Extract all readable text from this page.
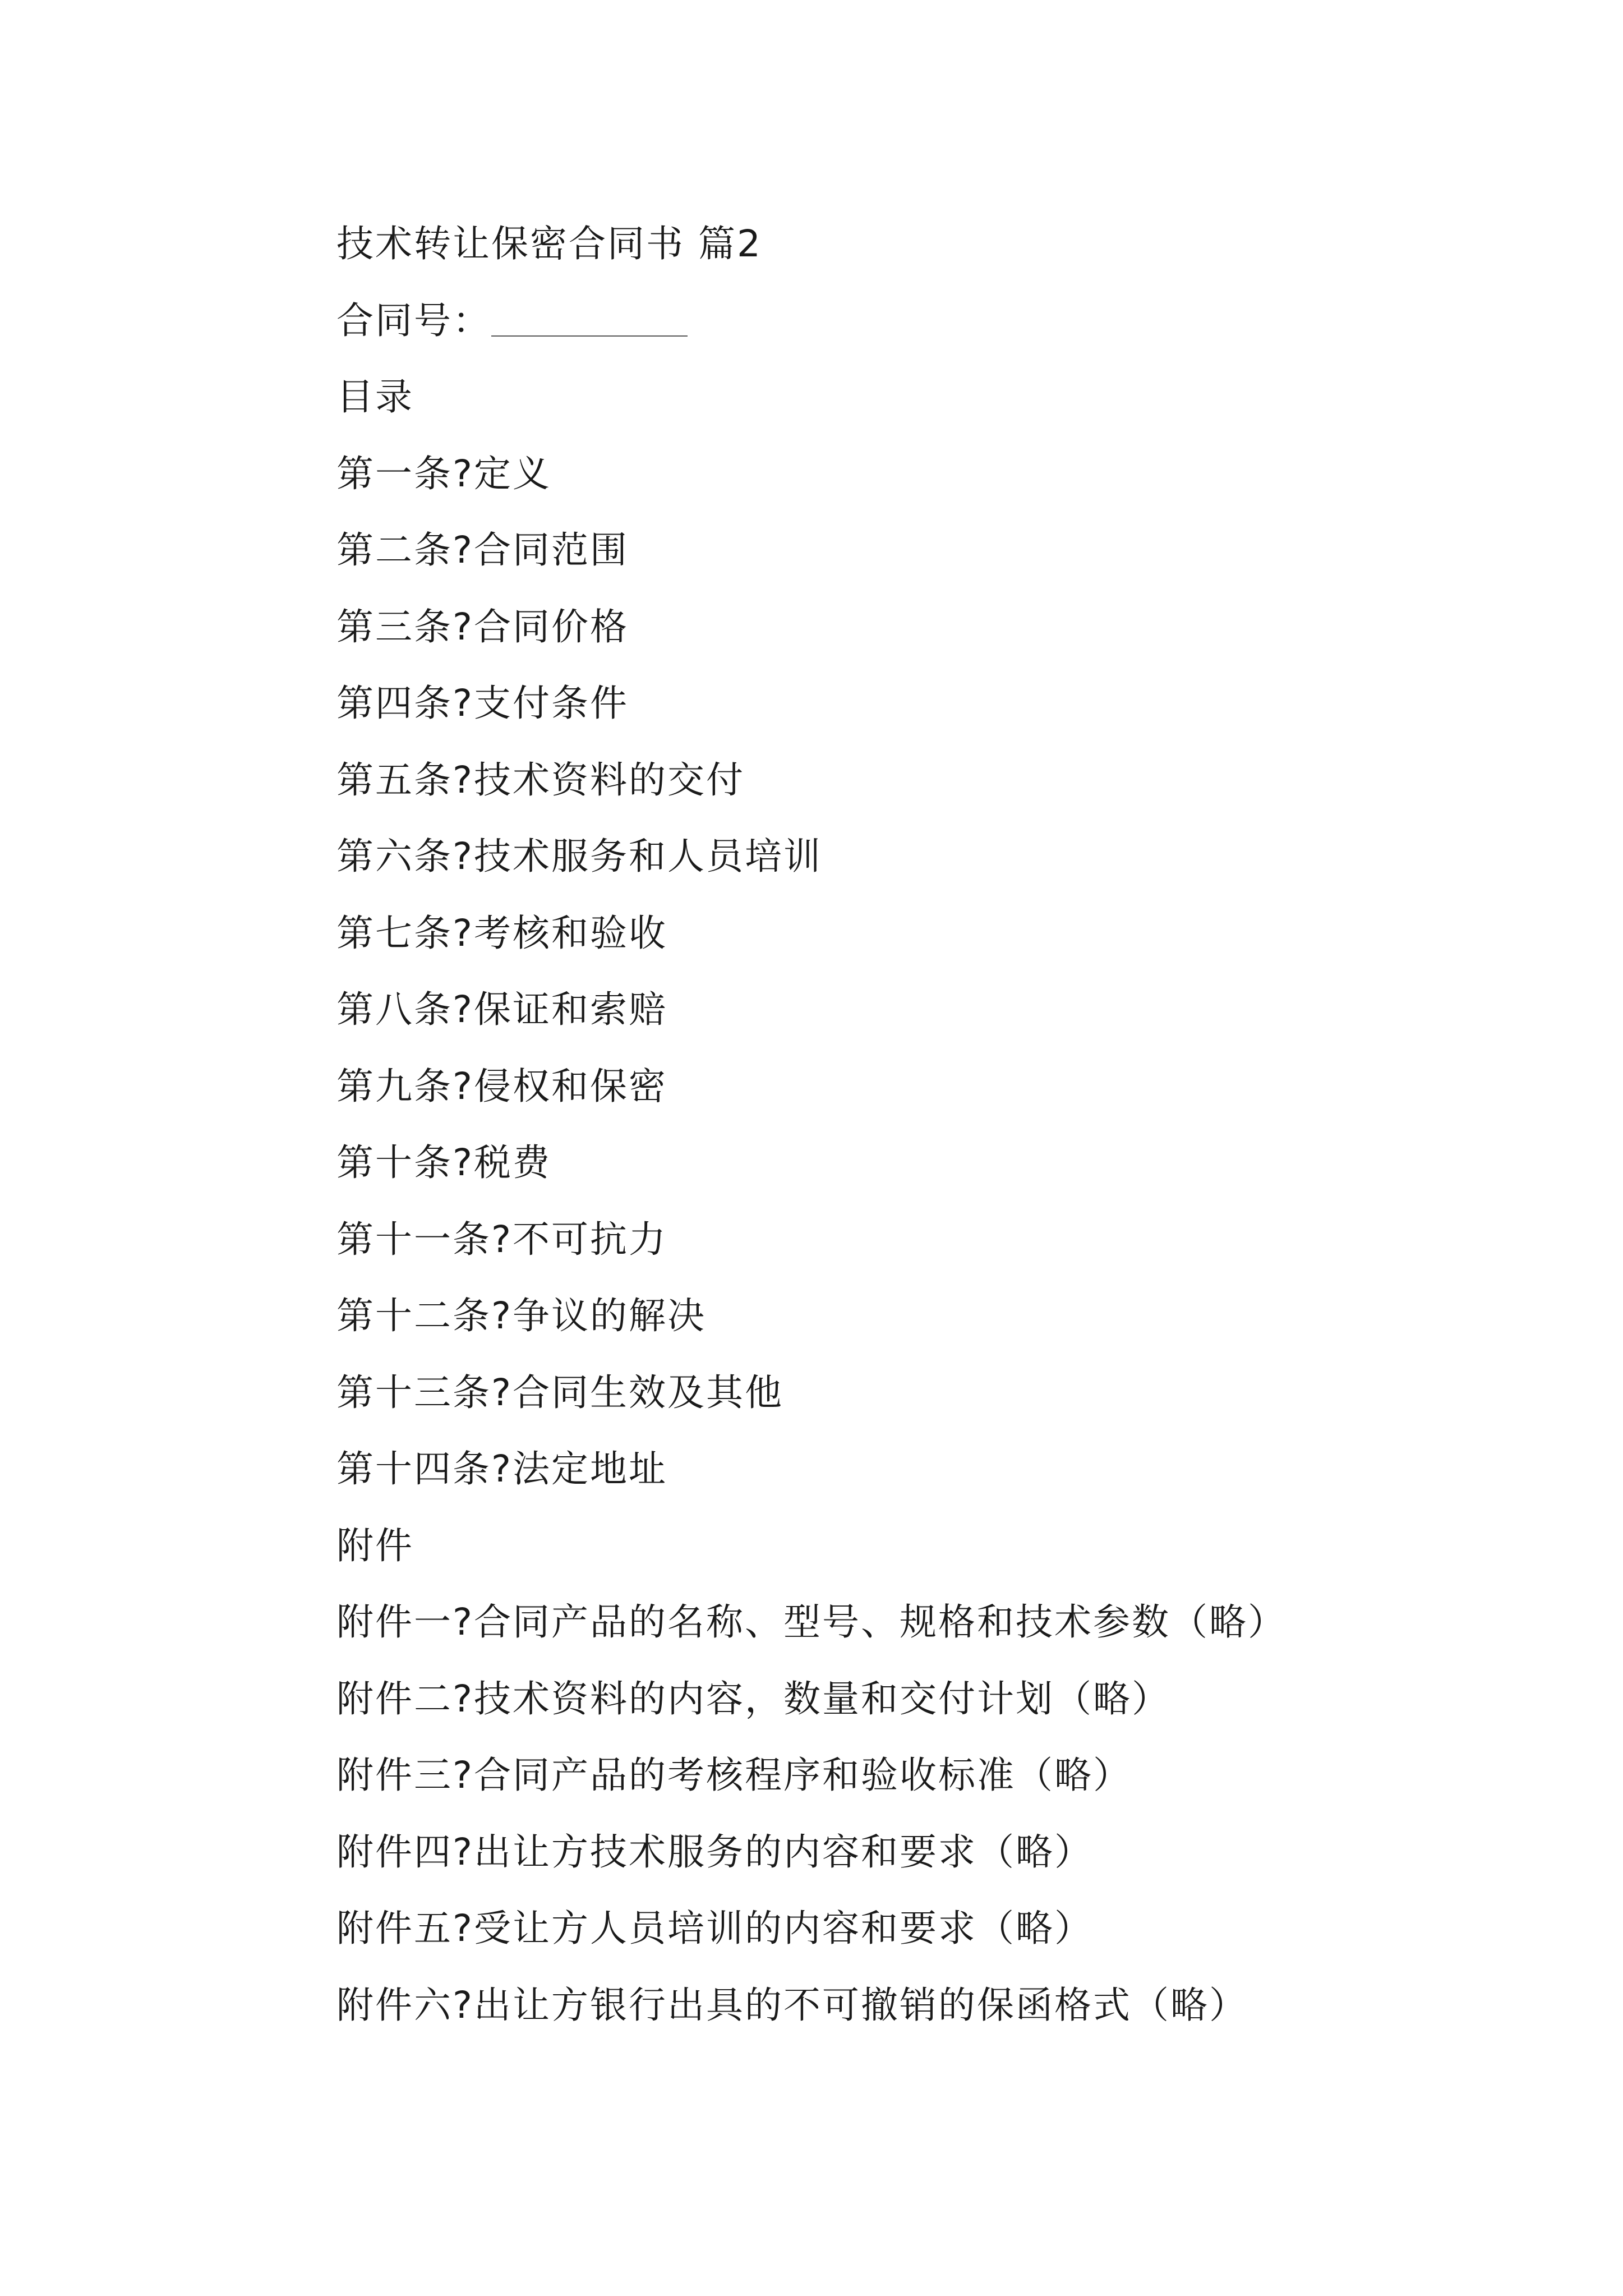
技术转让保密合同书 篇2
合同号：
目录
第一条?定义
第二条?合同范围
第三条?合同价格
第四条?支付条件
第五条?技术资料的交付
第六条?技术服务和人员培训
第七条?考核和验收
第八条?保证和索赔
第九条?侵权和保密
第十条?税费
第十一条?不可抗力
第十二条?争议的解决
第十三条?合同生效及其他
第十四条?法定地址
附件
附件一?合同产品的名称、型号、规格和技术参数（略）
附件二?技术资料的内容，数量和交付计划（略）
附件三?合同产品的考核程序和验收标准（略）
附件四?出让方技术服务的内容和要求（略）
附件五?受让方人员培训的内容和要求（略）
附件六?出让方银行出具的不可撤销的保函格式（略）
